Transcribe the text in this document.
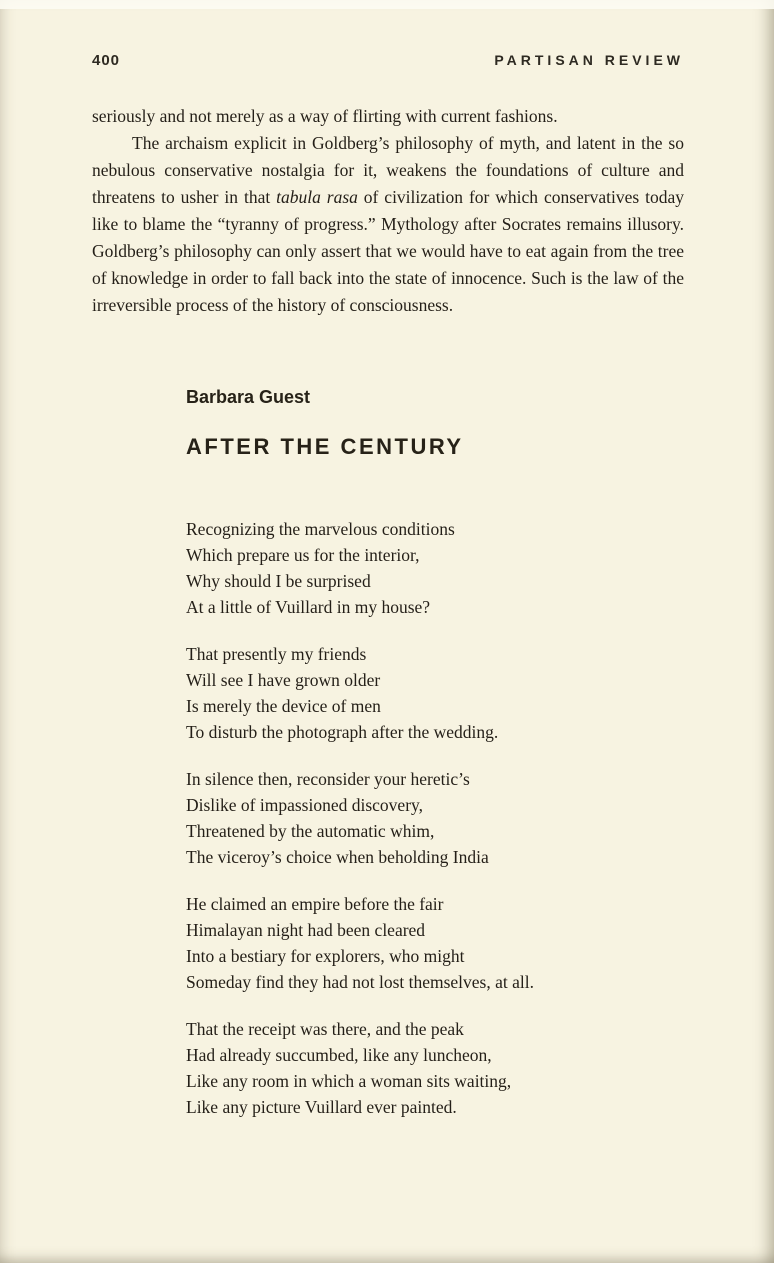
400	PARTISAN REVIEW

seriously and not merely as a way of flirting with current fashions.

The archaism explicit in Goldberg’s philosophy of myth, and latent in the so nebulous conservative nostalgia for it, weakens the foundations of culture and threatens to usher in that tabula rasa of civilization for which conservatives today like to blame the “tyranny of progress.” Mythology after Socrates remains illusory. Goldberg’s philosophy can only assert that we would have to eat again from the tree of knowledge in order to fall back into the state of innocence. Such is the law of the irreversible process of the history of consciousness.

Barbara Guest
AFTER THE CENTURY
Recognizing the marvelous conditions
Which prepare us for the interior,
Why should I be surprised
At a little of Vuillard in my house?
That presently my friends
Will see I have grown older
Is merely the device of men
To disturb the photograph after the wedding.
In silence then, reconsider your heretic’s
Dislike of impassioned discovery,
Threatened by the automatic whim,
The viceroy’s choice when beholding India
He claimed an empire before the fair
Himalayan night had been cleared
Into a bestiary for explorers, who might
Someday find they had not lost themselves, at all.
That the receipt was there, and the peak
Had already succumbed, like any luncheon,
Like any room in which a woman sits waiting,
Like any picture Vuillard ever painted.
